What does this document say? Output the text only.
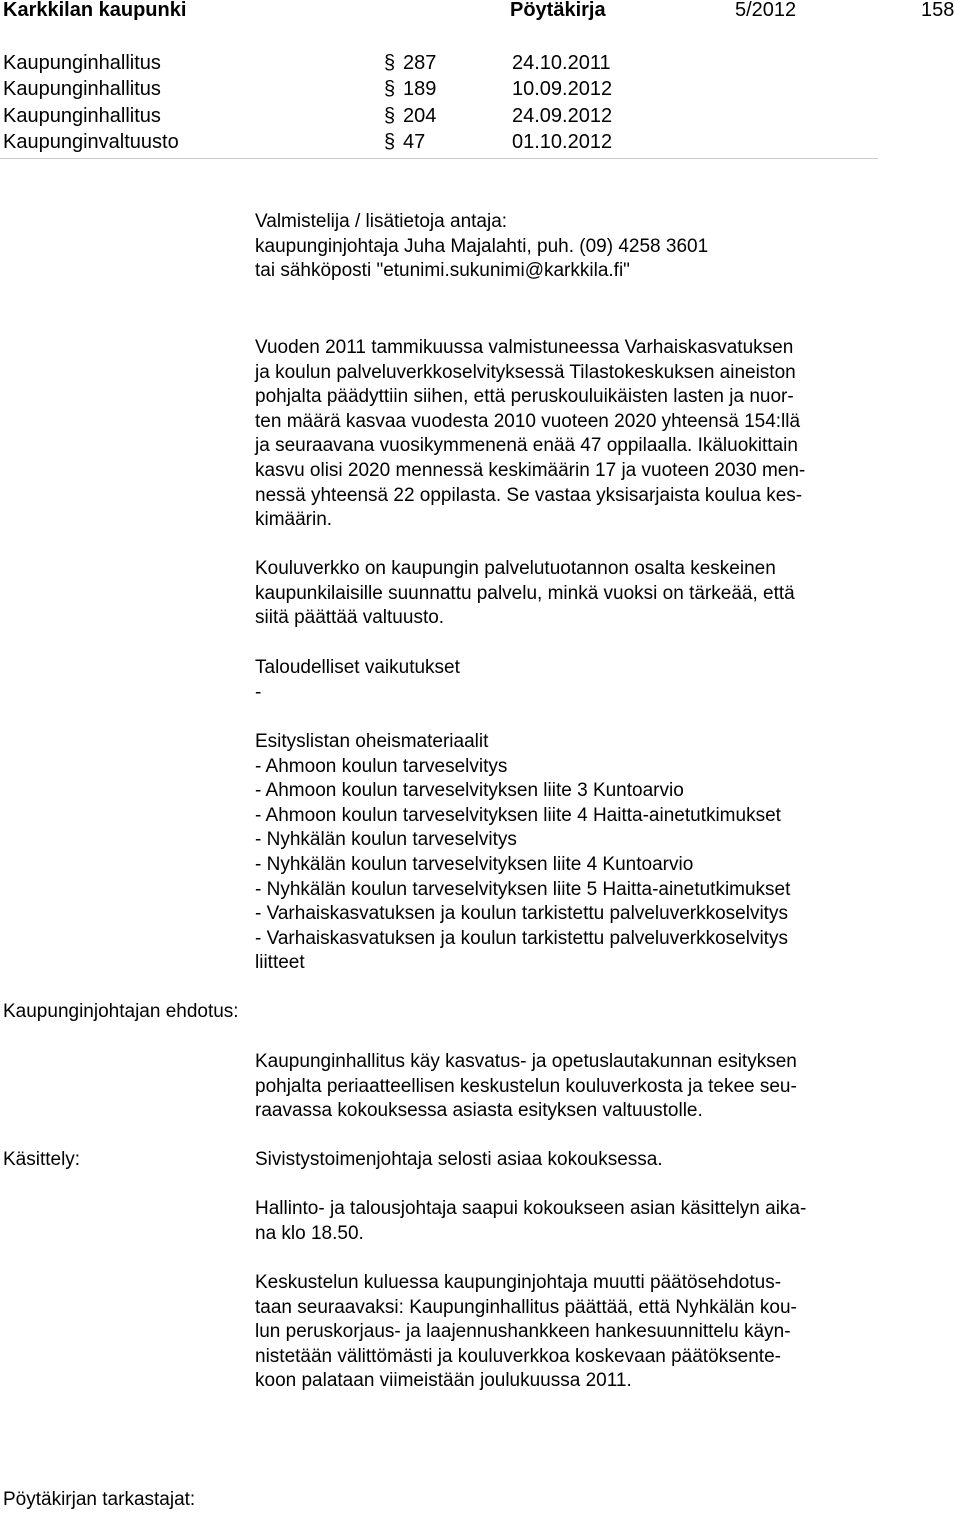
Karkkilan kaupunki	Pöytäkirja	5/2012	158
Kaupunginhallitus	§ 287	24.10.2011
Kaupunginhallitus	§ 189	10.09.2012
Kaupunginhallitus	§ 204	24.09.2012
Kaupunginvaltuusto	§ 47	01.10.2012

Valmistelija / lisätietoja antaja:

kaupunginjohtaja Juha Majalahti, puh. (09) 4258 3601

tai sähköposti "etunimi.sukunimi@karkkila.fi"

Vuoden 2011 tammikuussa valmistuneessa Varhaiskasvatuksen

ja koulun palveluverkkoselvityksessä Tilastokeskuksen aineiston

pohjalta päädyttiin siihen, että peruskouluikäisten lasten ja nuor-

ten määrä kasvaa vuodesta 2010 vuoteen 2020 yhteensä 154:llä

ja seuraavana vuosikymmenenä enää 47 oppilaalla. Ikäluokittain

kasvu olisi 2020 mennessä keskimäärin 17 ja vuoteen 2030 men-

nessä yhteensä 22 oppilasta. Se vastaa yksisarjaista koulua kes-

kimäärin.

Kouluverkko on kaupungin palvelutuotannon osalta keskeinen

kaupunkilaisille suunnattu palvelu, minkä vuoksi on tärkeää, että

siitä päättää valtuusto.

Taloudelliset vaikutukset

-

Esityslistan oheismateriaalit

- Ahmoon koulun tarveselvitys

- Ahmoon koulun tarveselvityksen liite 3 Kuntoarvio

- Ahmoon koulun tarveselvityksen liite 4 Haitta-ainetutkimukset

- Nyhkälän koulun tarveselvitys

- Nyhkälän koulun tarveselvityksen liite 4 Kuntoarvio

- Nyhkälän koulun tarveselvityksen liite 5 Haitta-ainetutkimukset

- Varhaiskasvatuksen ja koulun tarkistettu palveluverkkoselvitys

- Varhaiskasvatuksen ja koulun tarkistettu palveluverkkoselvitys

liitteet

Kaupunginjohtajan ehdotus:

Kaupunginhallitus käy kasvatus- ja opetuslautakunnan esityksen

pohjalta periaatteellisen keskustelun kouluverkosta ja tekee seu-

raavassa kokouksessa asiasta esityksen valtuustolle.

Käsittely:	Sivistystoimenjohtaja selosti asiaa kokouksessa.

Hallinto- ja talousjohtaja saapui kokoukseen asian käsittelyn aika-

na klo 18.50.

Keskustelun kuluessa kaupunginjohtaja muutti päätösehdotus-

taan seuraavaksi: Kaupunginhallitus päättää, että Nyhkälän kou-

lun peruskorjaus- ja laajennushankkeen hankesuunnittelu käyn-

nistetään välittömästi ja kouluverkkoa koskevaan päätöksente-

koon palataan viimeistään joulukuussa 2011.

Pöytäkirjan tarkastajat:
